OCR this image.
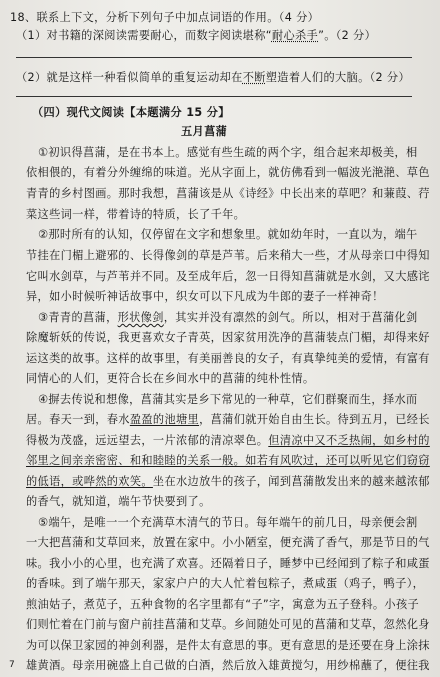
18、联系上下文，分析下列句子中加点词语的作用。（4 分）
（1）对书籍的深阅读需要耐心，而数字阅读堪称“耐心杀手”。（2 分）
（2）就是这样一种看似简单的重复运动却在不断塑造着人们的大脑。（2 分）
（四）现代文阅读【本题满分 15 分】
五月菖蒲
①初识得菖蒲，是在书本上。感觉有些生疏的两个字，组合起来却极美，相
依相偎的，有着分外缠绵的味道。光从字面上，就仿佛看到一幅波光滟滟、草色
青青的乡村图画。那时我想，菖蒲该是从《诗经》中长出来的草吧？和蒹葭、荇
菜这些词一样，带着诗的特质，长了千年。
②那时所有的认知，仅停留在文字和想象里。就如幼年时，一直以为，端午
节挂在门楣上避邪的、长得像剑的草是芦苇。后来稍大一些，才从母亲口中得知
它叫水剑草，与芦苇并不同。及至成年后，忽一日得知菖蒲就是水剑，又大感诧
异，如小时候听神话故事中，织女可以下凡成为牛郎的妻子一样神奇！
③青青的菖蒲，形状像剑，其实并没有凛然的剑气。所以，相对于菖蒲化剑
除魔斩妖的传说，我更喜欢女子青英，因家贫用洗净的菖蒲装点门楣，却得来好
运这类的故事。这样的故事里，有美丽善良的女子，有真挚纯美的爱情，有富有
同情心的人们，更符合长在乡间水中的菖蒲的纯朴性情。
④摒去传说和想像，菖蒲其实是乡下常见的一种草，它们群聚而生，择水而
居。春天一到，春水盈盈的池塘里，菖蒲们就开始自由生长。待到五月，已经长
得极为茂盛，远远望去，一片浓郁的清凉翠色。但清凉中又不乏热闹，如乡村的
邻里之间亲亲密密、和和睦睦的关系一般。如若有风吹过，还可以听见它们窃窃
的低语，或哗然的欢笑。坐在水边放牛的孩子，闻到菖蒲散发出来的越来越浓郁
的香气，就知道，端午节快要到了。
⑤端午，是唯一一个充满草木清气的节日。每年端午的前几日，母亲便会割
一大把菖蒲和艾草回来，放置在家中。小小陋室，便充满了香气，那是节日的气
味。我小小的心里，也充满了欢喜。还隔着日子，睡梦中已经闻到了粽子和咸蛋
的香味。到了端午那天，家家户户的大人忙着包粽子，煮咸蛋（鸡子，鸭子），
煎油姑子，煮苋子，五种食物的名字里都有“子”字，寓意为五子登科。小孩子
们则忙着在门前与窗户前挂菖蒲和艾草。乡间随处可见的菖蒲和艾草，忽然化身
为可以保卫家园的神剑利器，是件太有意思的事。更有意思的是还要在身上涂抹
雄黄酒。母亲用碗盛上自己做的白酒，然后放入雄黄搅匀，用纱棉蘸了，便往我
7
